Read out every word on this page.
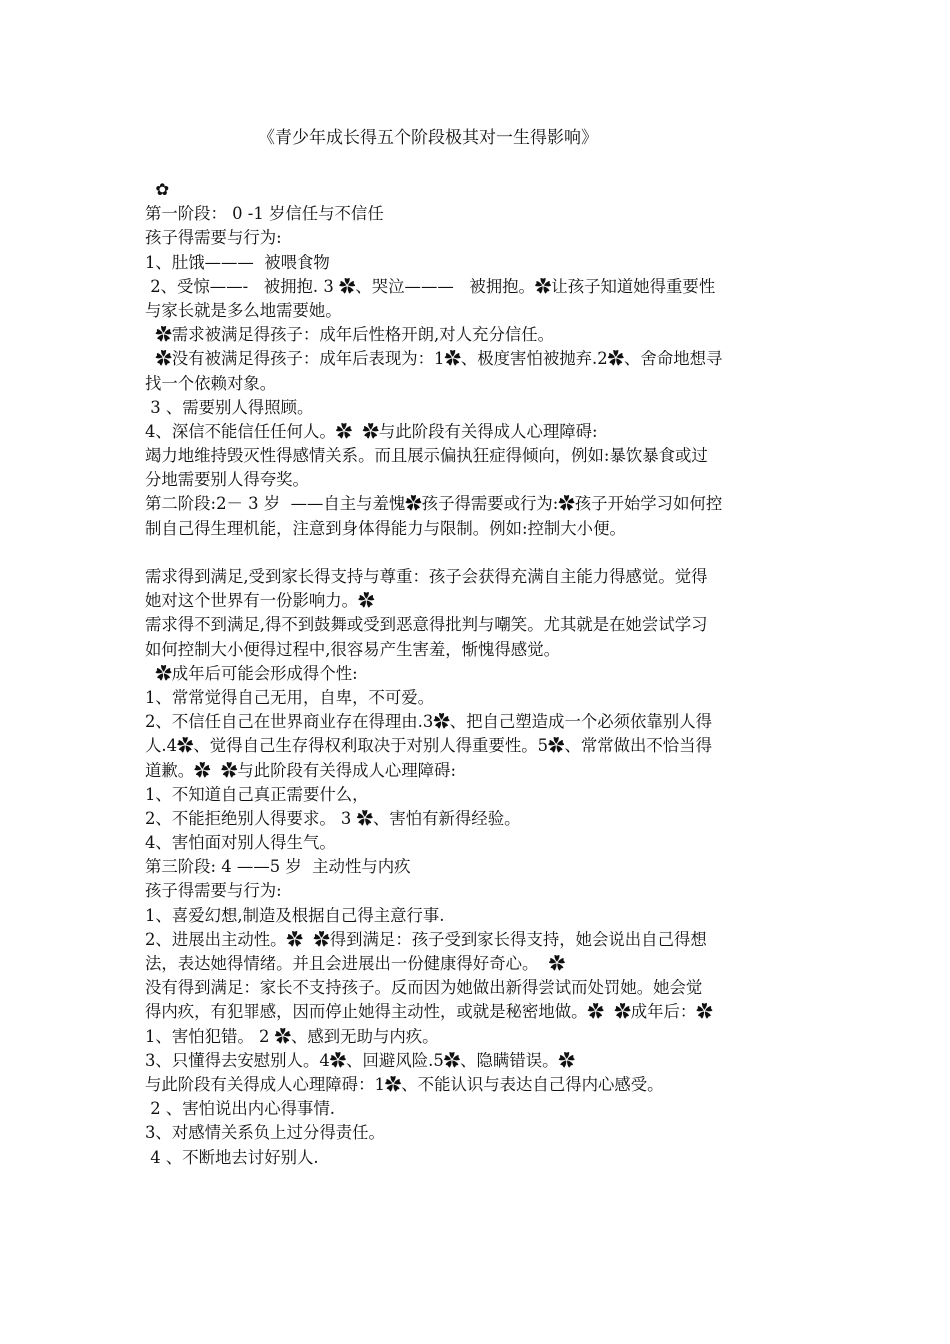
《青少年成长得五个阶段极其对一生得影响》
✿
第一阶段： 0 -1 岁信任与不信任
孩子得需要与行为:
1、肚饿———  被喂食物
2、受惊——-   被拥抱. 3 ✿、哭泣———   被拥抱。✿让孩子知道她得重要性
与家长就是多么地需要她。
✿需求被满足得孩子：成年后性格开朗,对人充分信任。
✿没有被满足得孩子：成年后表现为：1✿、极度害怕被抛弃.2✿、舍命地想寻
找一个依赖对象。
3 、需要别人得照顾。
4、深信不能信任任何人。✿  ✿与此阶段有关得成人心理障碍:
竭力地维持毁灭性得感情关系。而且展示偏执狂症得倾向，例如:暴饮暴食或过
分地需要别人得夸奖。
第二阶段:2－ 3 岁  ——自主与羞愧✿孩子得需要或行为:✿孩子开始学习如何控
制自己得生理机能，注意到身体得能力与限制。例如:控制大小便。
需求得到满足,受到家长得支持与尊重：孩子会获得充满自主能力得感觉。觉得
她对这个世界有一份影响力。✿
需求得不到满足,得不到鼓舞或受到恶意得批判与嘲笑。尤其就是在她尝试学习
如何控制大小便得过程中,很容易产生害羞，惭愧得感觉。
✿成年后可能会形成得个性:
1、常常觉得自己无用，自卑，不可爱。
2、不信任自己在世界商业存在得理由.3✿、把自己塑造成一个必须依靠别人得
人.4✿、觉得自己生存得权利取决于对别人得重要性。5✿、常常做出不恰当得
道歉。✿  ✿与此阶段有关得成人心理障碍:
1、不知道自己真正需要什么，
2、不能拒绝别人得要求。 3 ✿、害怕有新得经验。
4、害怕面对别人得生气。
第三阶段: 4 ——5 岁  主动性与内疚
孩子得需要与行为:
1、喜爱幻想,制造及根据自己得主意行事.
2、进展出主动性。✿  ✿得到满足：孩子受到家长得支持，她会说出自己得想
法，表达她得情绪。并且会进展出一份健康得好奇心。  ✿
没有得到满足：家长不支持孩子。反而因为她做出新得尝试而处罚她。她会觉
得内疚，有犯罪感，因而停止她得主动性，或就是秘密地做。✿  ✿成年后：✿
1、害怕犯错。 2 ✿、感到无助与内疚。
3、只懂得去安慰别人。4✿、回避风险.5✿、隐瞒错误。✿
与此阶段有关得成人心理障碍：1✿、不能认识与表达自己得内心感受。
2 、害怕说出内心得事情.
3、对感情关系负上过分得责任。
4 、不断地去讨好别人.
